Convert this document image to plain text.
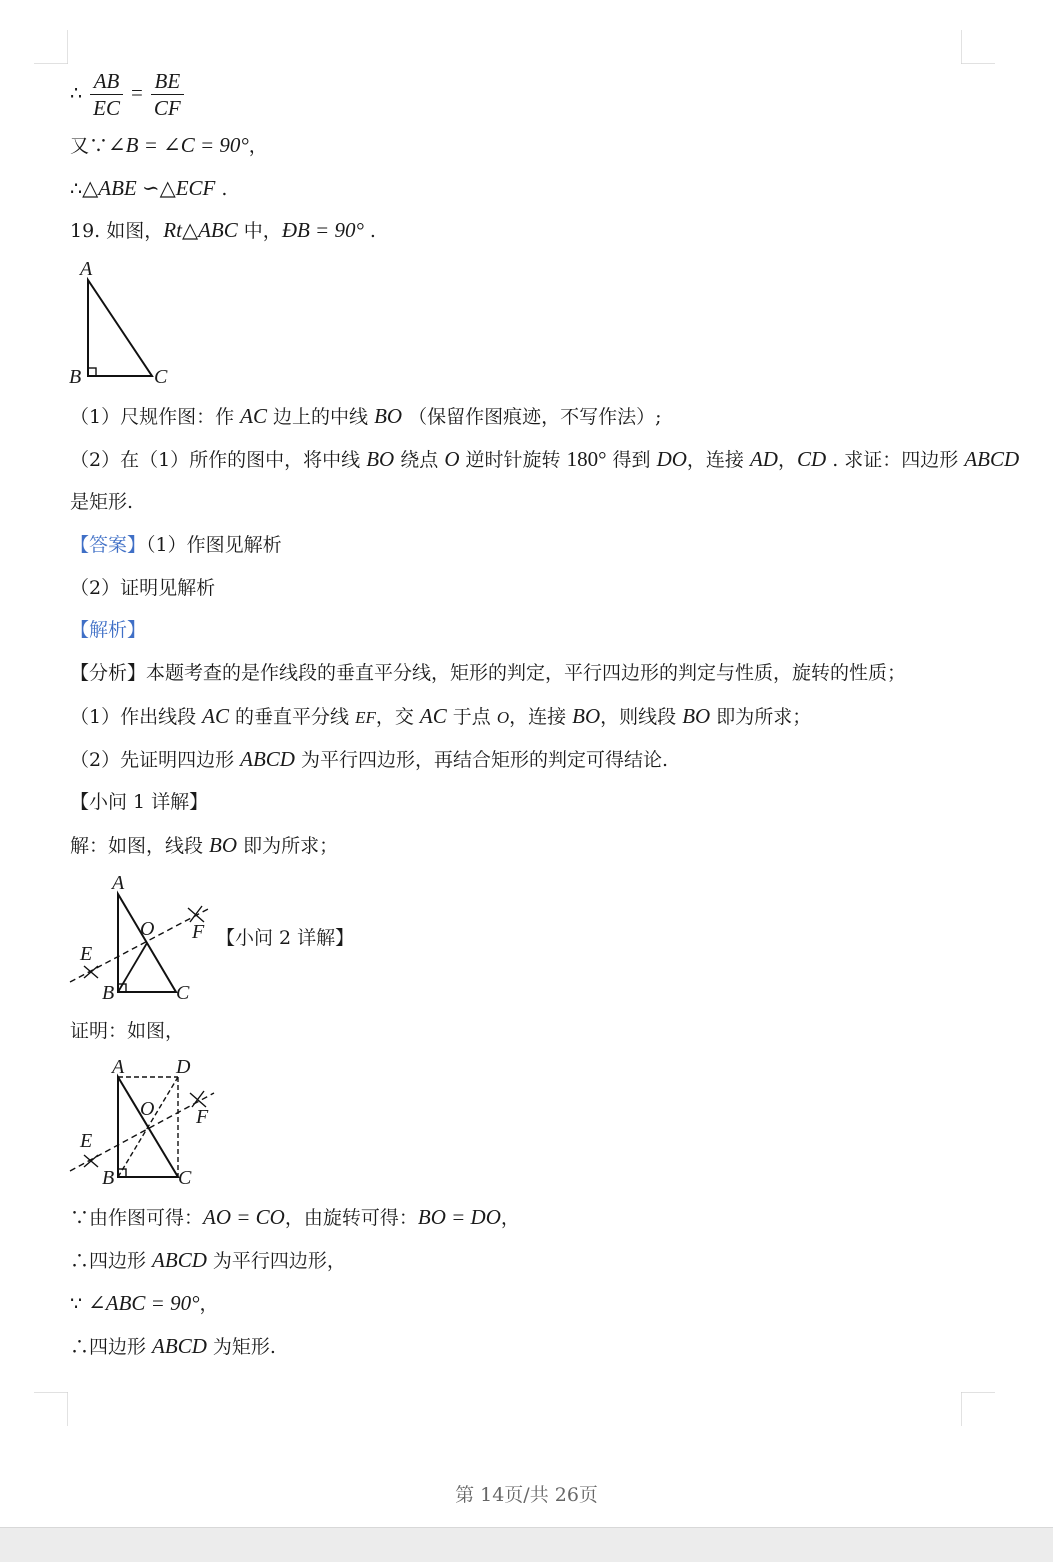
∴ $\frac{AB}{EC} = \frac{BE}{CF}$
又∵∠B = ∠C = 90°，
∴△ABE ∽△ECF .
19. 如图，Rt△ABC 中，ÐB = 90° .
A
B	C
（1）尺规作图：作 AC 边上的中线 BO （保留作图痕迹，不写作法）;
（2）在（1）所作的图中，将中线 BO 绕点 O 逆时针旋转 180° 得到 DO，连接 AD，CD . 求证：四边形 ABCD
是矩形.
【答案】（1）作图见解析
（2）证明见解析
【解析】
【分析】本题考查的是作线段的垂直平分线，矩形的判定，平行四边形的判定与性质，旋转的性质；
（1）作出线段 AC 的垂直平分线 EF，交 AC 于点 O，连接 BO，则线段 BO 即为所求；
（2）先证明四边形 ABCD 为平行四边形，再结合矩形的判定可得结论.
【小问 1 详解】
解：如图，线段 BO 即为所求；
A
B	C
E
F
O	【小问 2 详解】
证明：如图，
A	D
B	C
E
F
O
∵由作图可得：AO = CO，由旋转可得：BO = DO，
∴四边形 ABCD 为平行四边形，
∵ ∠ABC = 90°，
∴四边形 ABCD 为矩形.
第 14页/共 26页
